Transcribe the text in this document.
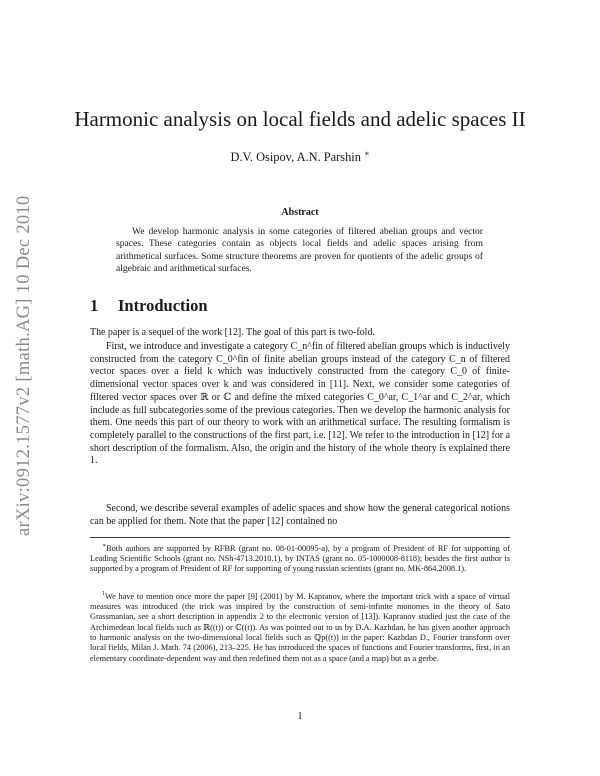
arXiv:0912.1577v2 [math.AG] 10 Dec 2010
Harmonic analysis on local fields and adelic spaces II

D.V. Osipov, A.N. Parshin ∗

Abstract

We develop harmonic analysis in some categories of filtered abelian groups and vector spaces. These categories contain as objects local fields and adelic spaces arising from arithmetical surfaces. Some structure theorems are proven for quotients of the adelic groups of algebraic and arithmetical surfaces.

1 Introduction

The paper is a sequel of the work [12]. The goal of this part is two-fold.

First, we introduce and investigate a category C_n^fin of filtered abelian groups which is inductively constructed from the category C_0^fin of finite abelian groups instead of the category C_n of filtered vector spaces over a field k which was inductively constructed from the category C_0 of finite-dimensional vector spaces over k and was considered in [11]. Next, we consider some categories of filtered vector spaces over ℝ or ℂ and define the mixed categories C_0^ar, C_1^ar and C_2^ar, which include as full subcategories some of the previous categories. Then we develop the harmonic analysis for them. One needs this part of our theory to work with an arithmetical surface. The resulting formalism is completely parallel to the constructions of the first part, i.e. [12]. We refer to the introduction in [12] for a short description of the formalism. Also, the origin and the history of the whole theory is explained there 1.

Second, we describe several examples of adelic spaces and show how the general categorical notions can be applied for them. Note that the paper [12] contained no

∗Both authors are supported by RFBR (grant no. 08-01-00095-a), by a program of President of RF for supporting of Leading Scientific Schools (grant no. NSh-4713.2010.1), by INTAS (grant no. 05-1000008-8118); besides the first author is supported by a program of President of RF for supporting of young russian scientists (grant no. MK-864.2008.1).

$^1$We have to mention once more the paper [9] (2001) by M. Kapranov, where the important trick with a space of virtual measures was introduced (the trick was inspired by the construction of semi-infinite monomes in the theory of Sato Grassmanian, see a short description in appendix 2 to the electronic version of [13]). Kapranov studied just the case of the Archimedean local fields such as ℝ((t)) or ℂ((t)). As was pointed out to us by D.A. Kazhdan, he has given another approach to harmonic analysis on the two-dimensional local fields such as ℚp((t)) in the paper: Kazhdan D., Fourier transform over local fields, Milan J. Math. 74 (2006), 213–225. He has introduced the spaces of functions and Fourier transforms, first, in an elementary coordinate-dependent way and then redefined them not as a space (and a map) but as a gerbe.

1
